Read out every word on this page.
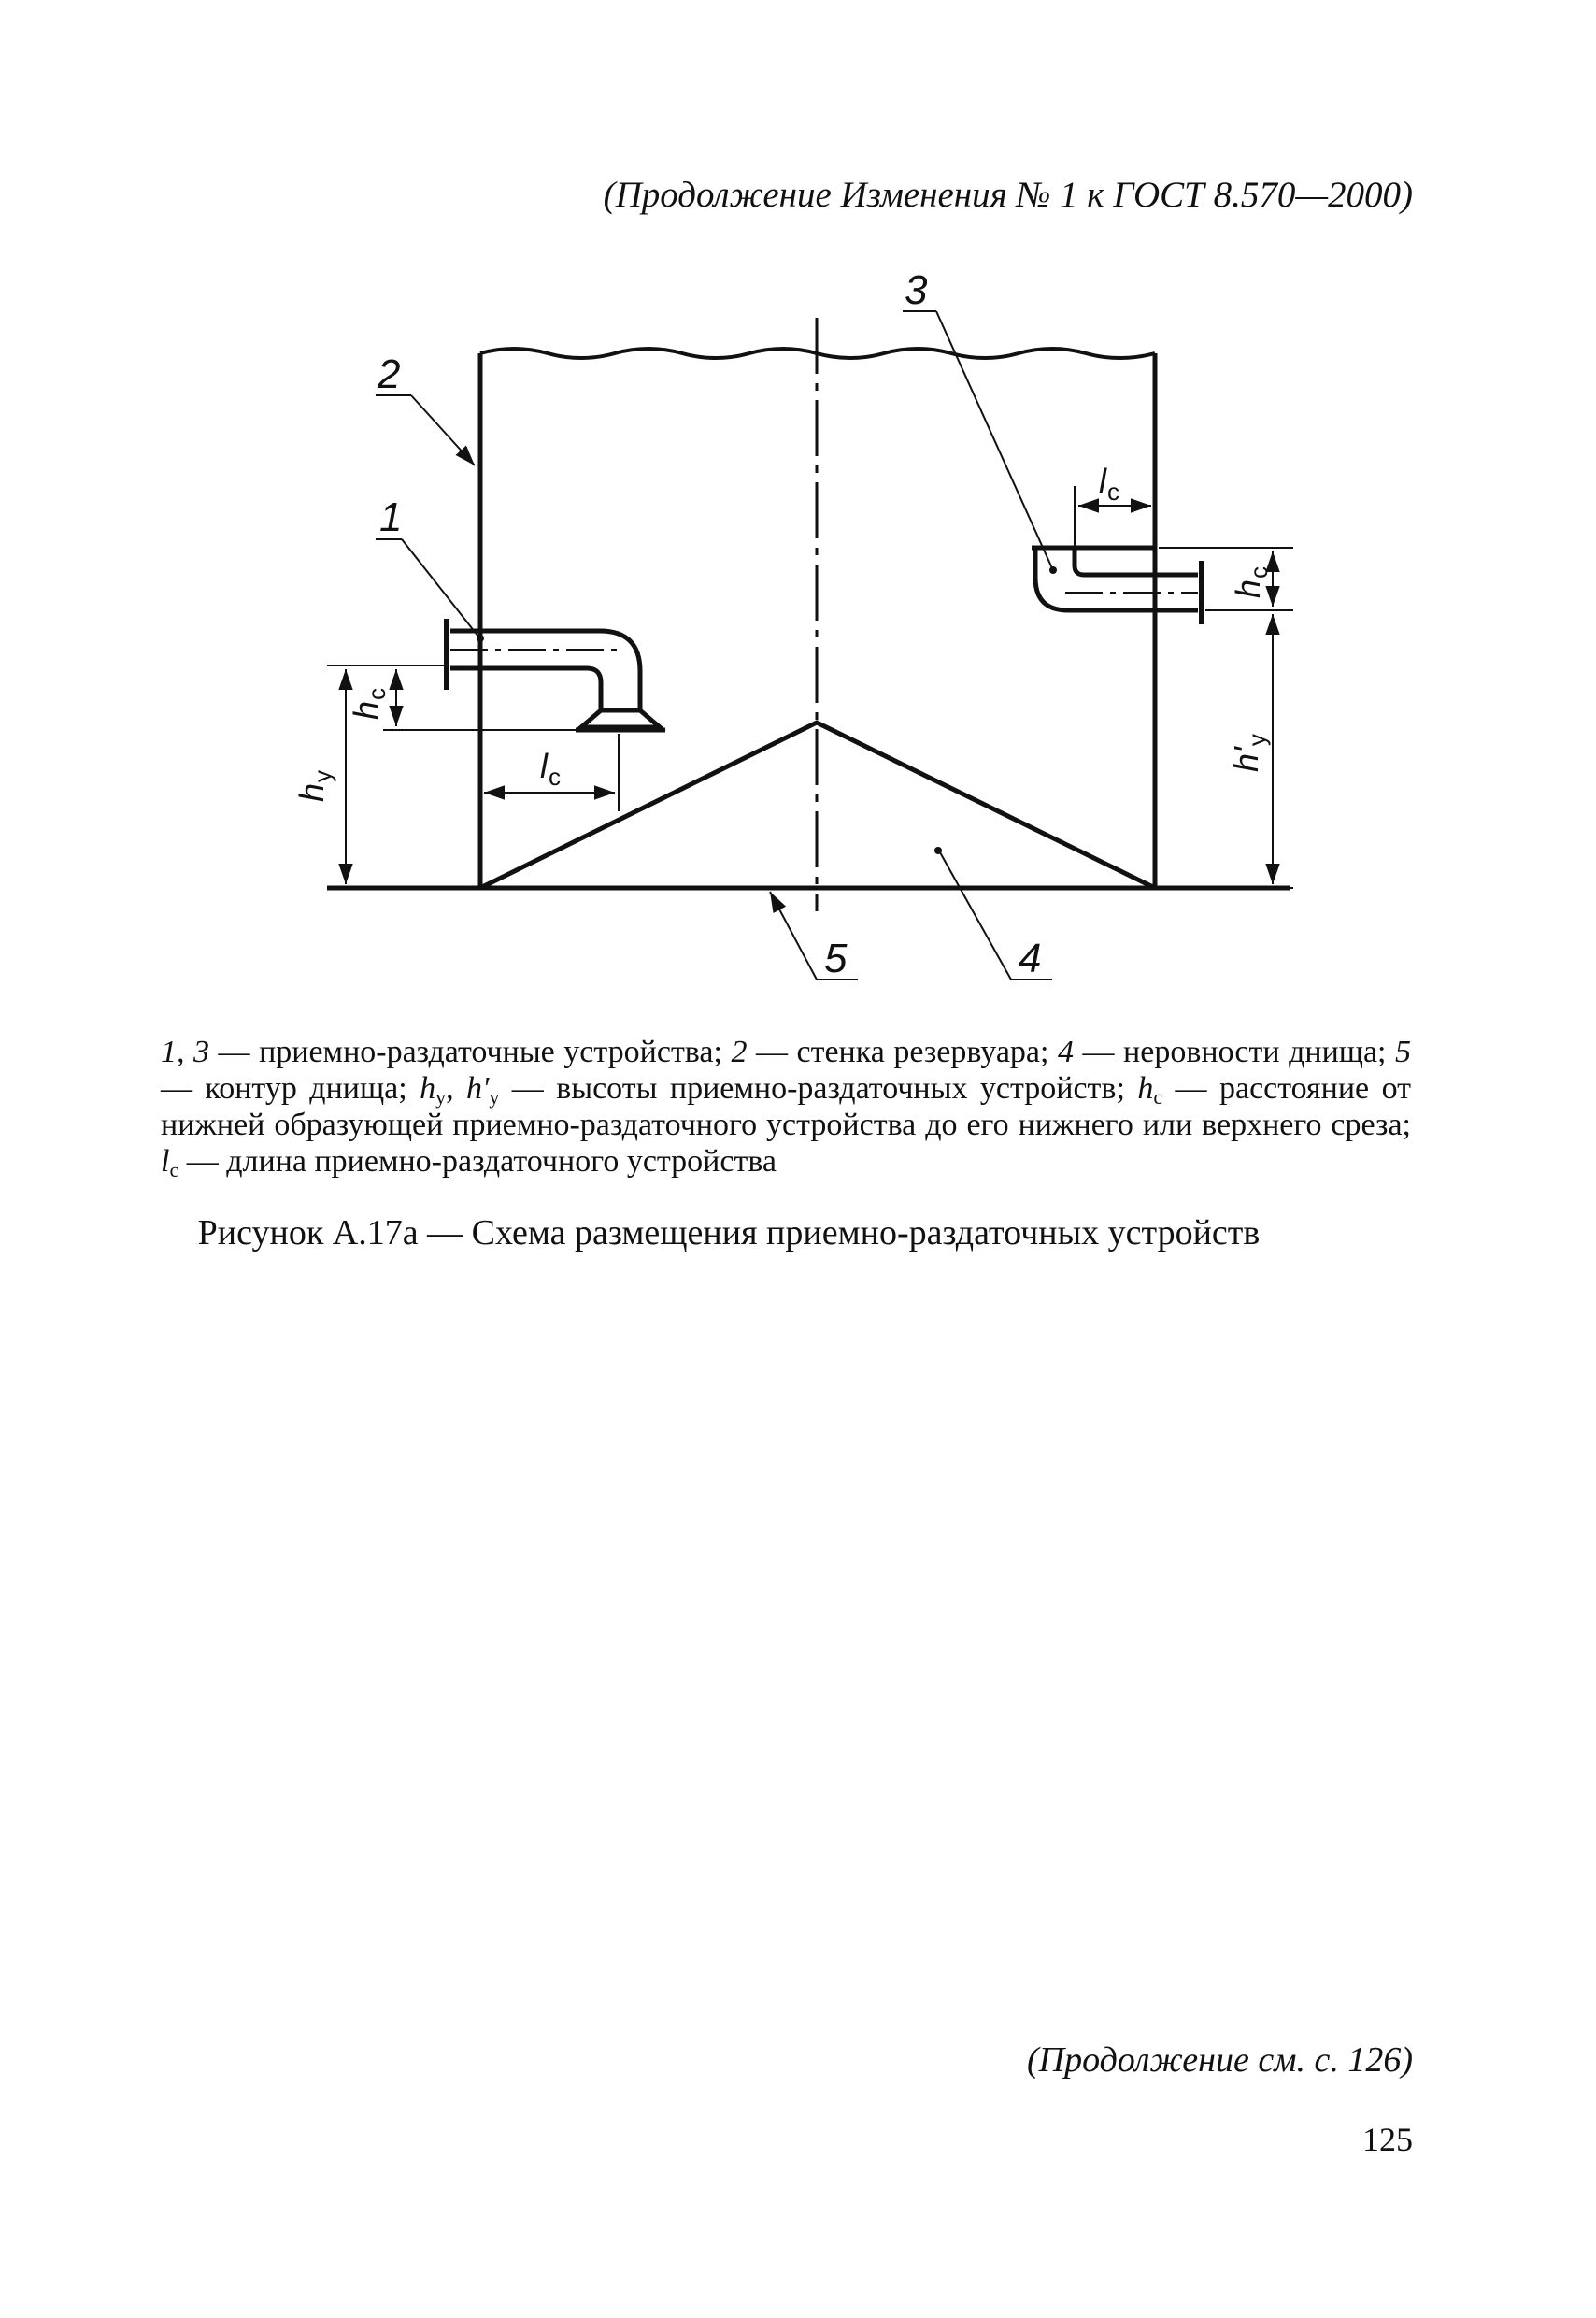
(Продолжение Изменения № 1 к ГОСТ 8.570—2000)
$h_y$
$h_c$
$l_c$
$l_c$
$h_c$
$h'_y$
2
1
3
5	4
1, 3 — приемно-раздаточные устройства; 2 — стенка резервуара; 4 — неровности днища; 5 — контур днища; $h_y$, $h'_y$ — высоты приемно-раздаточных устройств; $h_c$ — расстояние от нижней образующей приемно-раздаточного устройства до его нижнего или верхнего среза; $l_c$ — длина приемно-раздаточного устройства
Рисунок А.17а — Схема размещения приемно-раздаточных устройств
(Продолжение см. с. 126)
125
